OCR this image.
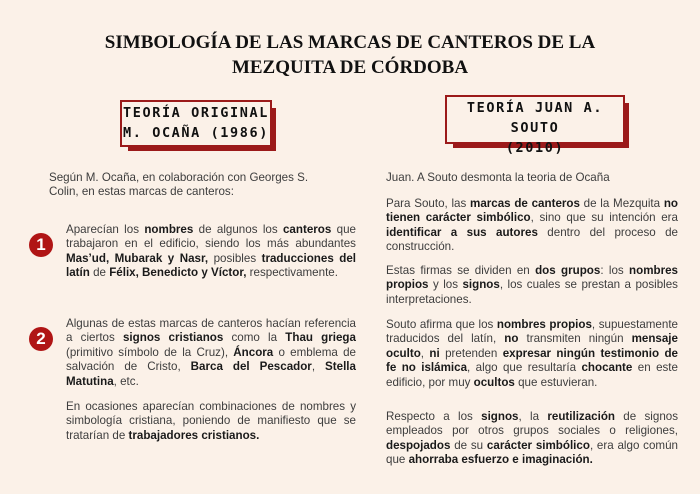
SIMBOLOGÍA DE LAS MARCAS DE CANTEROS DE LA
MEZQUITA DE CÓRDOBA
TEORÍA ORIGINAL
M. OCAÑA (1986)
TEORÍA JUAN A. SOUTO
(2010)
Según M. Ocaña, en colaboración con Georges S.
Colin, en estas marcas de canteros:
1
Aparecían los nombres de algunos los canteros que trabajaron en el edificio, siendo los más abundantes Mas’ud, Mubarak y Nasr, posibles traducciones del latín de Félix, Benedicto y Víctor, respectivamente.
2
Algunas de estas marcas de canteros hacían referencia a ciertos signos cristianos como la Thau griega (primitivo símbolo de la Cruz), Áncora o emblema de salvación de Cristo, Barca del Pescador, Stella Matutina, etc.
En ocasiones aparecían combinaciones de nombres y simbología cristiana, poniendo de manifiesto que se tratarían de trabajadores cristianos.
Juan. A Souto desmonta la teoria de Ocaña
Para Souto, las marcas de canteros de la Mezquita no tienen carácter simbólico, sino que su intención era identificar a sus autores dentro del proceso de construcción.
Estas firmas se dividen en dos grupos: los nombres propios y los signos, los cuales se prestan a posibles interpretaciones.
Souto afirma que los nombres propios, supuestamente traducidos del latín, no transmiten ningún mensaje oculto, ni pretenden expresar ningún testimonio de fe no islámica, algo que resultaría chocante en este edificio, por muy ocultos que estuvieran.
Respecto a los signos, la reutilización de signos empleados por otros grupos sociales o religiones, despojados de su carácter simbólico, era algo común que ahorraba esfuerzo e imaginación.
